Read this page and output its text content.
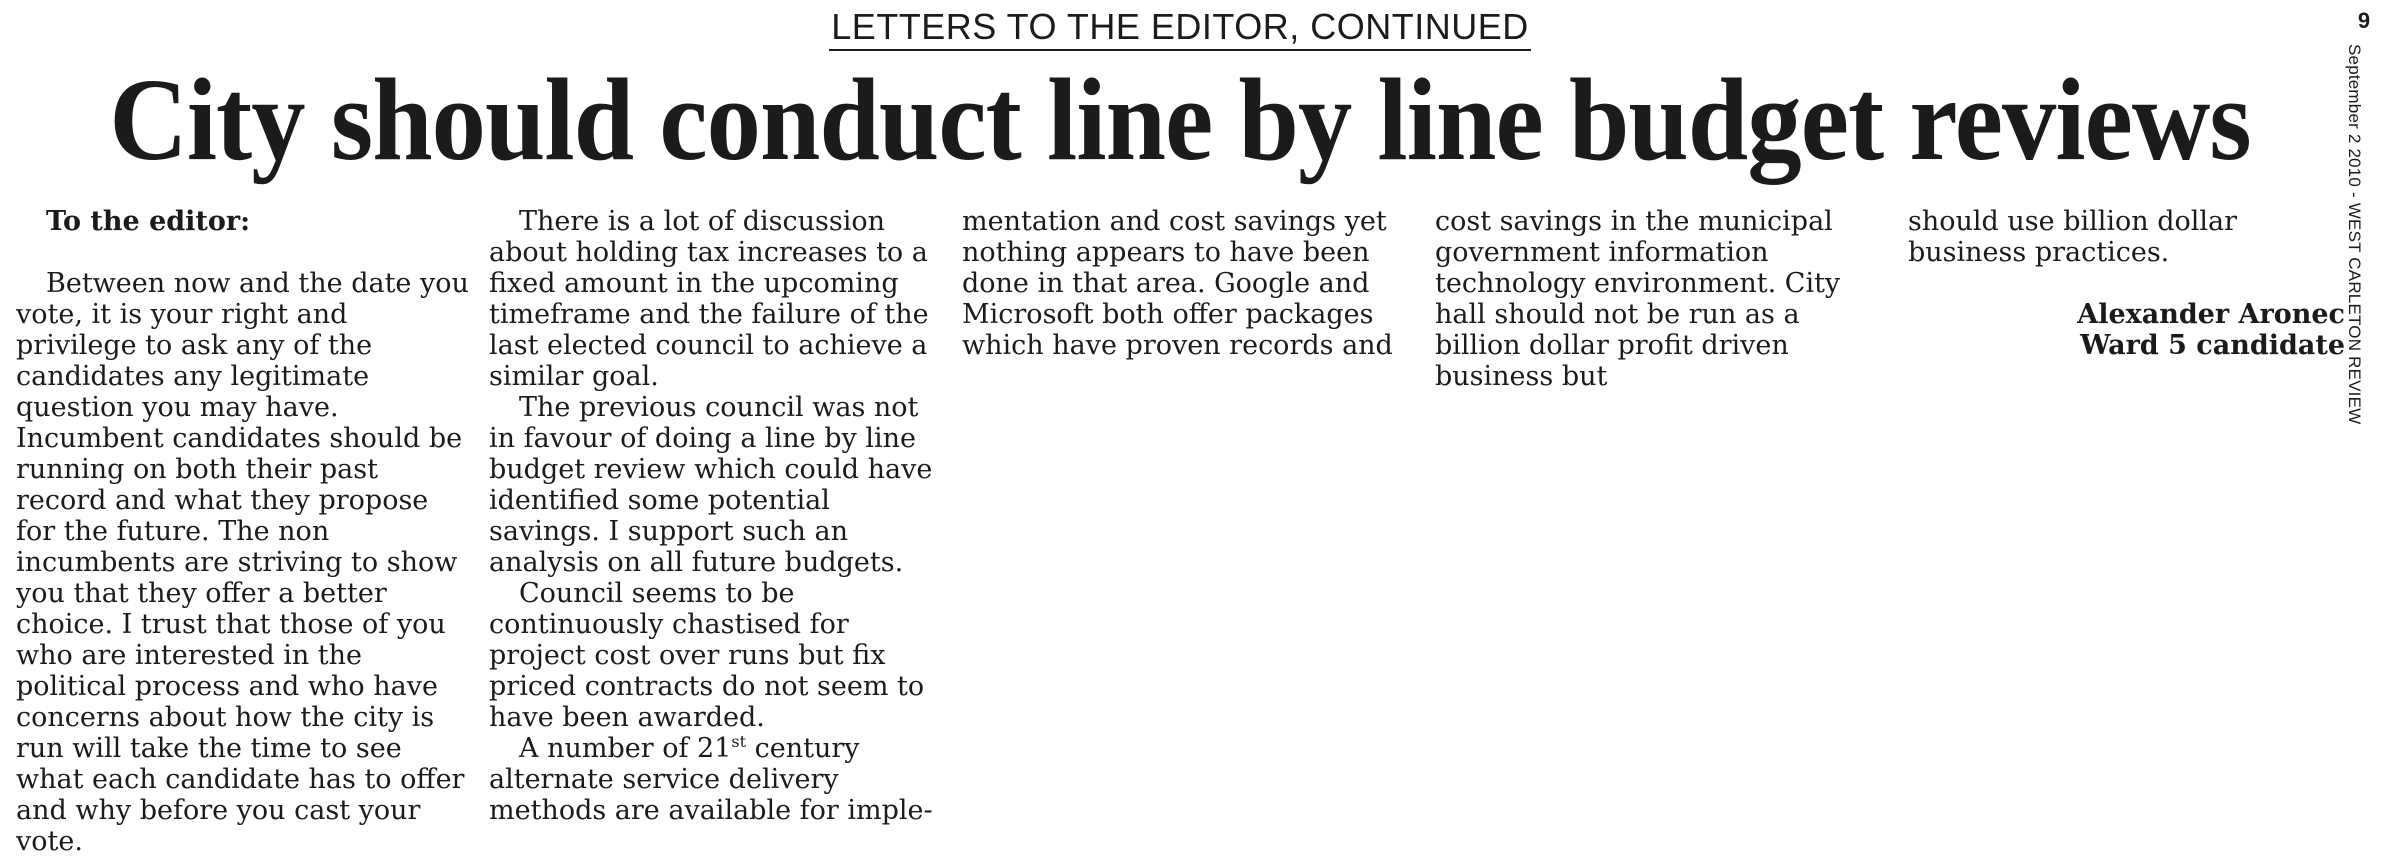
LETTERS TO THE EDITOR, CONTINUED
City should conduct line by line budget reviews
9
September 2 2010 - WEST CARLETON REVIEW

To the editor:

Between now and the date you vote, it is your right and privilege to ask any of the candidates any legitimate question you may have. Incumbent candidates should be running on both their past record and what they propose for the future. The non incumbents are striving to show you that they offer a better choice. I trust that those of you who are interested in the political process and who have concerns about how the city is run will take the time to see what each candidate has to offer and why before you cast your vote.

There is a lot of discussion about holding tax increases to a fixed amount in the upcoming timeframe and the failure of the last elected council to achieve a similar goal.

The previous council was not in favour of doing a line by line budget review which could have identified some potential savings. I support such an analysis on all future budgets.

Council seems to be continuously chastised for project cost over runs but fix priced contracts do not seem to have been awarded.

A number of 21st century alternate service delivery methods are available for imple-

mentation and cost savings yet nothing appears to have been done in that area. Google and Microsoft both offer packages which have proven records and

cost savings in the municipal government information technology environment. City hall should not be run as a billion dollar profit driven business but

should use billion dollar business practices.

Alexander Aronec

Ward 5 candidate
